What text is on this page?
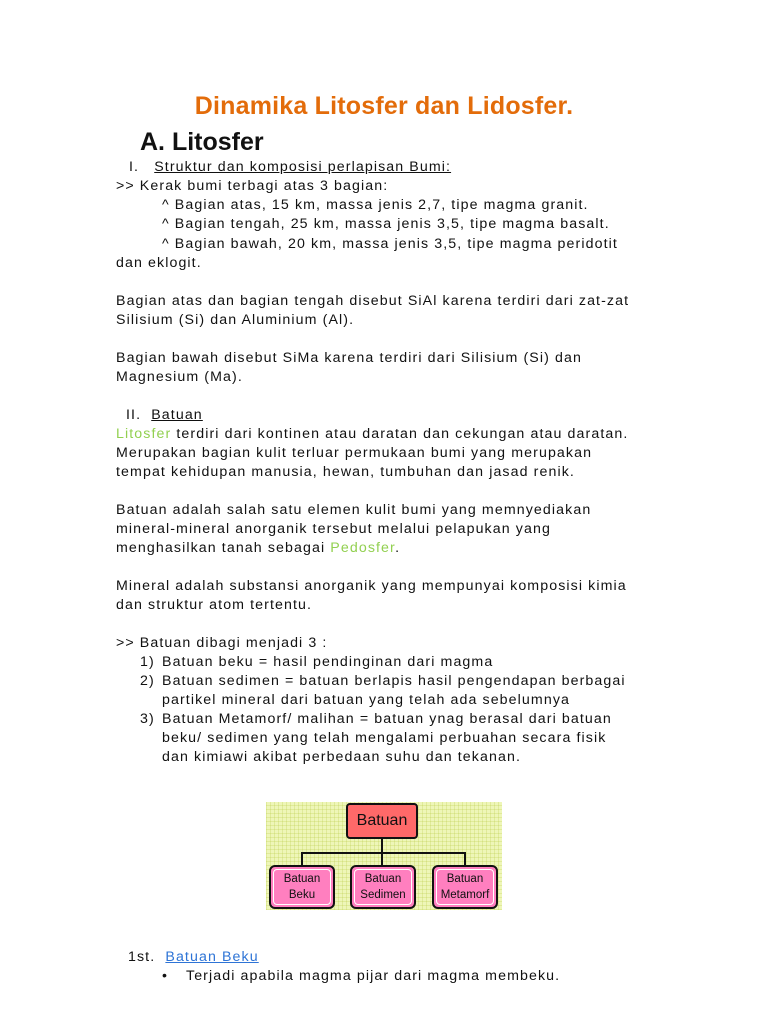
Dinamika Litosfer dan Lidosfer.
A. Litosfer

I. Struktur dan komposisi perlapisan Bumi:

>> Kerak bumi terbagi atas 3 bagian:

^ Bagian atas, 15 km, massa jenis 2,7, tipe magma granit.

^ Bagian tengah, 25 km, massa jenis 3,5, tipe magma basalt.

^ Bagian bawah, 20 km, massa jenis 3,5, tipe magma peridotit

dan eklogit.

Bagian atas dan bagian tengah disebut SiAl karena terdiri dari zat-zat

Silisium (Si) dan Aluminium (Al).

Bagian bawah disebut SiMa karena terdiri dari Silisium (Si) dan

Magnesium (Ma).

II. Batuan

Litosfer terdiri dari kontinen atau daratan dan cekungan atau daratan.

Merupakan bagian kulit terluar permukaan bumi yang merupakan

tempat kehidupan manusia, hewan, tumbuhan dan jasad renik.

Batuan adalah salah satu elemen kulit bumi yang memnyediakan

mineral-mineral anorganik tersebut melalui pelapukan yang

menghasilkan tanah sebagai Pedosfer.

Mineral adalah substansi anorganik yang mempunyai komposisi kimia

dan struktur atom tertentu.

>> Batuan dibagi menjadi 3 :

1) Batuan beku = hasil pendinginan dari magma

2) Batuan sedimen = batuan berlapis hasil pengendapan berbagai

partikel mineral dari batuan yang telah ada sebelumnya

3) Batuan Metamorf/ malihan = batuan ynag berasal dari batuan

beku/ sedimen yang telah mengalami perbuahan secara fisik

dan kimiawi akibat perbedaan suhu dan tekanan.

Batuan
Batuan
Beku
Batuan
Sedimen
Batuan
Metamorf

1st. Batuan Beku

• Terjadi apabila magma pijar dari magma membeku.
